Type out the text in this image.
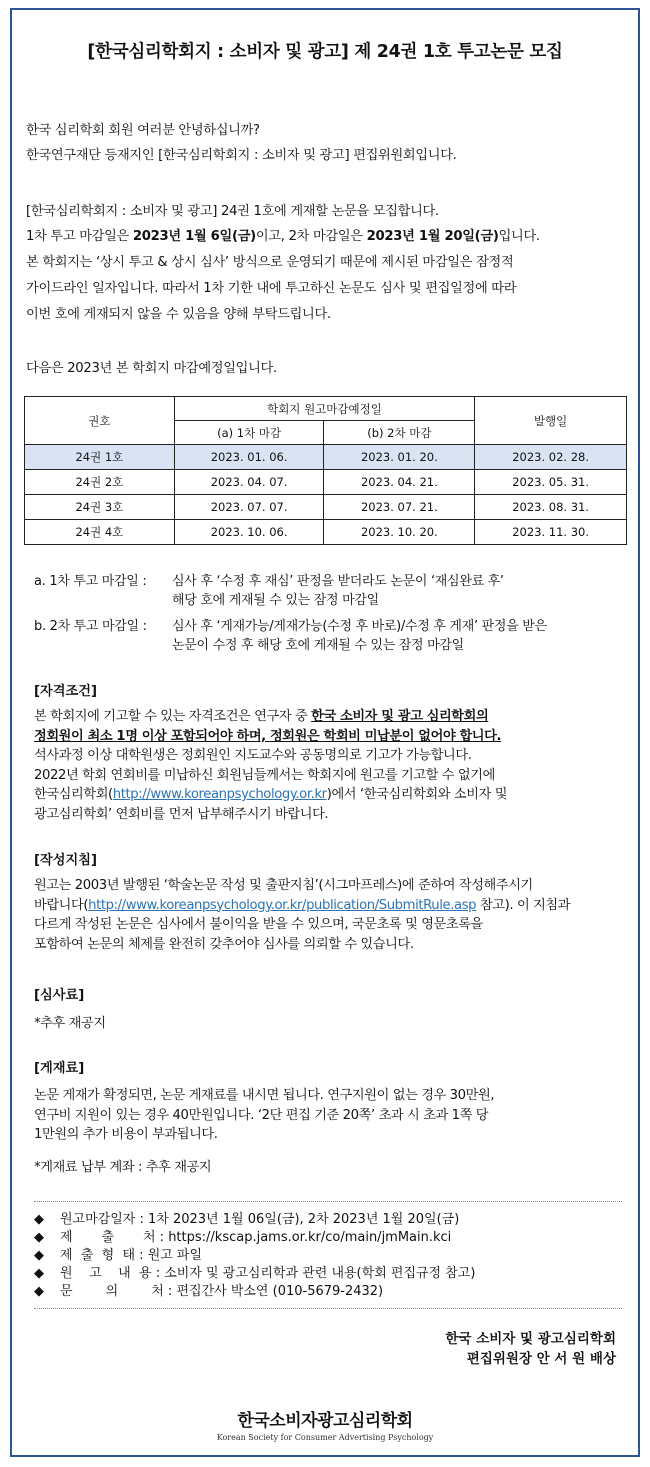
[한국심리학회지 : 소비자 및 광고] 제 24권 1호 투고논문 모집
한국 심리학회 회원 여러분 안녕하십니까?
한국연구재단 등재지인 [한국심리학회지 : 소비자 및 광고] 편집위원회입니다.
[한국심리학회지 : 소비자 및 광고] 24권 1호에 게재할 논문을 모집합니다.
1차 투고 마감일은 2023년 1월 6일(금)이고, 2차 마감일은 2023년 1월 20일(금)입니다.
본 학회지는 ‘상시 투고 & 상시 심사’ 방식으로 운영되기 때문에 제시된 마감일은 잠정적
가이드라인 일자입니다. 따라서 1차 기한 내에 투고하신 논문도 심사 및 편집일정에 따라
이번 호에 게재되지 않을 수 있음을 양해 부탁드립니다.
다음은 2023년 본 학회지 마감예정일입니다.
권호	학회지 원고마감예정일		발행일
	(a) 1차 마감	(b) 2차 마감	
24권 1호	2023. 01. 06.	2023. 01. 20.	2023. 02. 28.
24권 2호	2023. 04. 07.	2023. 04. 21.	2023. 05. 31.
24권 3호	2023. 07. 07.	2023. 07. 21.	2023. 08. 31.
24권 4호	2023. 10. 06.	2023. 10. 20.	2023. 11. 30.
a. 1차 투고 마감일 : 심사 후 ‘수정 후 재심’ 판정을 받더라도 논문이 ‘재심완료 후’
해당 호에 게재될 수 있는 잠정 마감일
b. 2차 투고 마감일 : 심사 후 ‘게재가능/게재가능(수정 후 바로)/수정 후 게재’ 판정을 받은
논문이 수정 후 해당 호에 게재될 수 있는 잠정 마감일
[자격조건]
본 학회지에 기고할 수 있는 자격조건은 연구자 중 한국 소비자 및 광고 심리학회의
정회원이 최소 1명 이상 포함되어야 하며, 정회원은 학회비 미납분이 없어야 합니다.
석사과정 이상 대학원생은 정회원인 지도교수와 공동명의로 기고가 가능합니다.
2022년 학회 연회비를 미납하신 회원님들께서는 학회지에 원고를 기고할 수 없기에
한국심리학회(http://www.koreanpsychology.or.kr)에서 ‘한국심리학회와 소비자 및
광고심리학회’ 연회비를 먼저 납부해주시기 바랍니다.
[작성지침]
원고는 2003년 발행된 ‘학술논문 작성 및 출판지침’(시그마프레스)에 준하여 작성해주시기
바랍니다(http://www.koreanpsychology.or.kr/publication/SubmitRule.asp 참고). 이 지침과
다르게 작성된 논문은 심사에서 불이익을 받을 수 있으며, 국문초록 및 영문초록을
포함하여 논문의 체제를 완전히 갖추어야 심사를 의뢰할 수 있습니다.
[심사료]
*추후 재공지
[게재료]
논문 게재가 확정되면, 논문 게재료를 내시면 됩니다. 연구지원이 없는 경우 30만원,
연구비 지원이 있는 경우 40만원입니다. ‘2단 편집 기준 20쪽’ 초과 시 초과 1쪽 당
1만원의 추가 비용이 부과됩니다.
*게재료 납부 계좌 : 추후 재공지
◆ 원고마감일자 : 1차 2023년 1월 06일(금), 2차 2023년 1월 20일(금)
◆ 제       출       처 : https://kscap.jams.or.kr/co/main/jmMain.kci
◆ 제  출  형  태 : 원고 파일
◆ 원    고    내  용 : 소비자 및 광고심리학과 관련 내용(학회 편집규정 참고)
◆ 문        의        처 : 편집간사 박소연 (010-5679-2432)
한국 소비자 및 광고심리학회
편집위원장 안 서 원 배상
한국소비자광고심리학회
Korean Society for Consumer Advertising Psychology
